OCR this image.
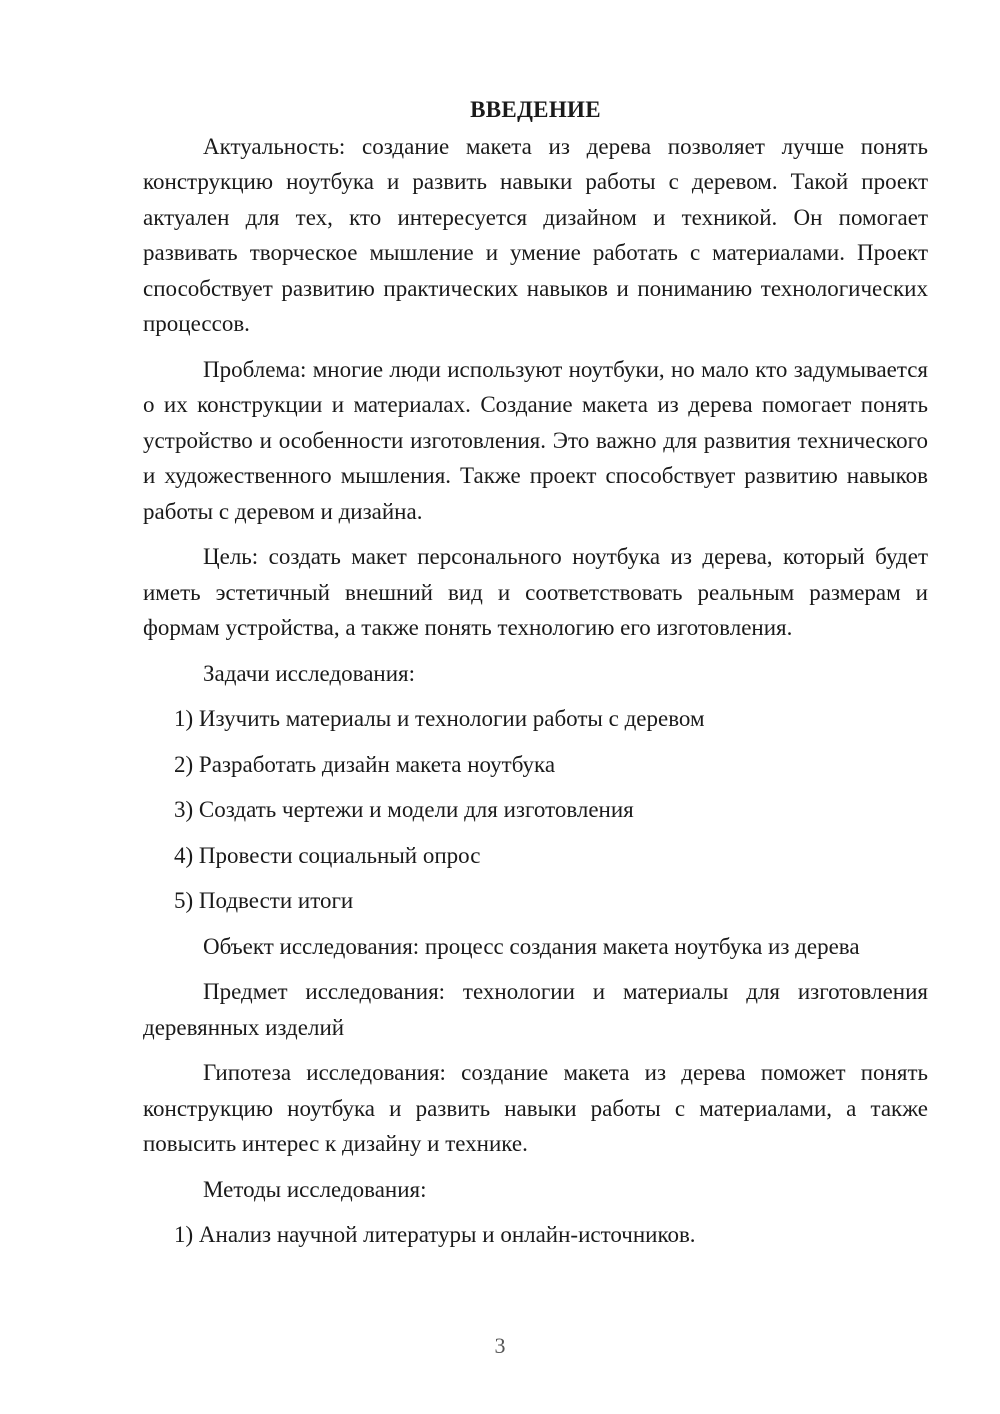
ВВЕДЕНИЕ

Актуальность: создание макета из дерева позволяет лучше понять конструкцию ноутбука и развить навыки работы с деревом. Такой проект актуален для тех, кто интересуется дизайном и техникой. Он помогает развивать творческое мышление и умение работать с материалами. Проект способствует развитию практических навыков и пониманию технологических процессов.

Проблема: многие люди используют ноутбуки, но мало кто задумывается о их конструкции и материалах. Создание макета из дерева помогает понять устройство и особенности изготовления. Это важно для развития технического и художественного мышления. Также проект способствует развитию навыков работы с деревом и дизайна.

Цель: создать макет персонального ноутбука из дерева, который будет иметь эстетичный внешний вид и соответствовать реальным размерам и формам устройства, а также понять технологию его изготовления.

Задачи исследования:

1) Изучить материалы и технологии работы с деревом

2) Разработать дизайн макета ноутбука

3) Создать чертежи и модели для изготовления

4) Провести социальный опрос

5) Подвести итоги

Объект исследования: процесс создания макета ноутбука из дерева

Предмет исследования: технологии и материалы для изготовления деревянных изделий

Гипотеза исследования: создание макета из дерева поможет понять конструкцию ноутбука и развить навыки работы с материалами, а также повысить интерес к дизайну и технике.

Методы исследования:

1) Анализ научной литературы и онлайн-источников.

3
